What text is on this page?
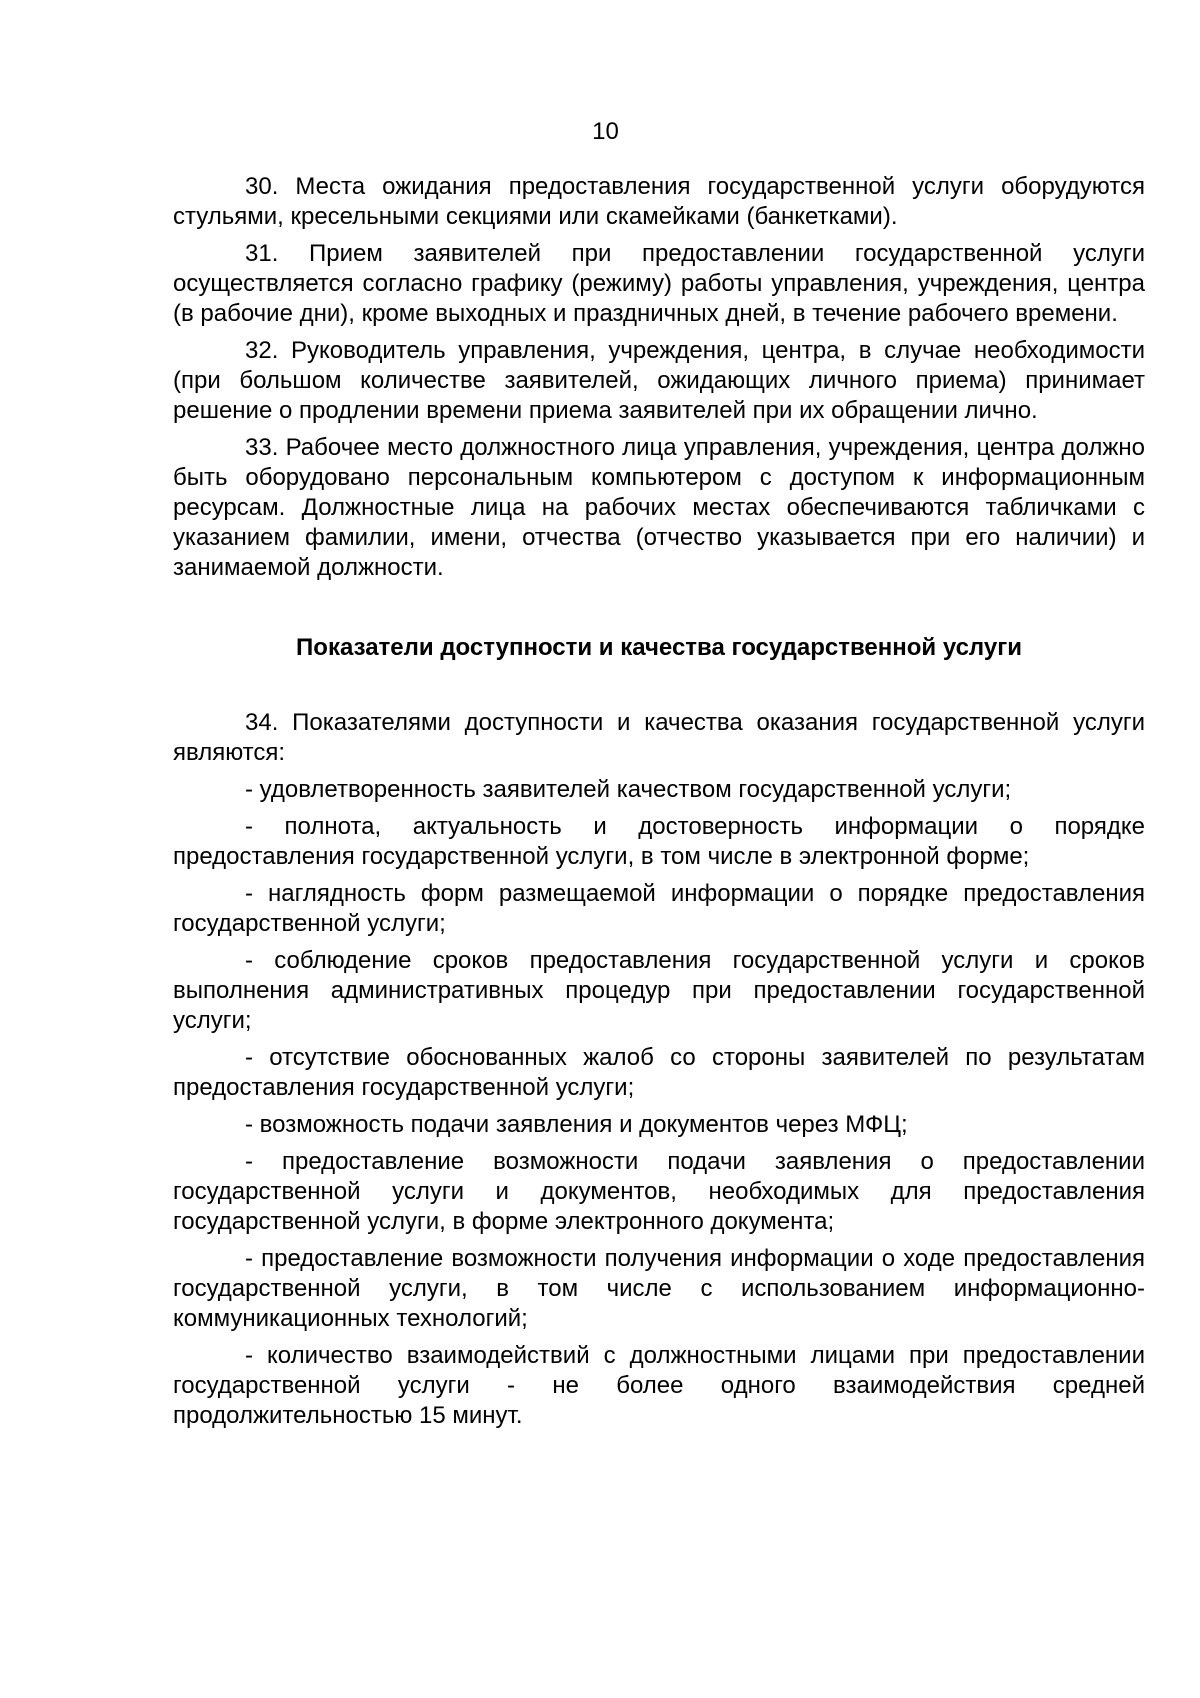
10

30. Места ожидания предоставления государственной услуги оборудуются стульями, кресельными секциями или скамейками (банкетками).

31. Прием заявителей при предоставлении государственной услуги осуществляется согласно графику (режиму) работы управления, учреждения, центра (в рабочие дни), кроме выходных и праздничных дней, в течение рабочего времени.

32. Руководитель управления, учреждения, центра, в случае необходимости (при большом количестве заявителей, ожидающих личного приема) принимает решение о продлении времени приема заявителей при их обращении лично.

33. Рабочее место должностного лица управления, учреждения, центра должно быть оборудовано персональным компьютером с доступом к информационным ресурсам. Должностные лица на рабочих местах обеспечиваются табличками с указанием фамилии, имени, отчества (отчество указывается при его наличии) и занимаемой должности.

Показатели доступности и качества государственной услуги

34. Показателями доступности и качества оказания государственной услуги являются:

- удовлетворенность заявителей качеством государственной услуги;

- полнота, актуальность и достоверность информации о порядке предоставления государственной услуги, в том числе в электронной форме;

- наглядность форм размещаемой информации о порядке предоставления государственной услуги;

- соблюдение сроков предоставления государственной услуги и сроков выполнения административных процедур при предоставлении государственной услуги;

- отсутствие обоснованных жалоб со стороны заявителей по результатам предоставления государственной услуги;

- возможность подачи заявления и документов через МФЦ;

- предоставление возможности подачи заявления о предоставлении государственной услуги и документов, необходимых для предоставления государственной услуги, в форме электронного документа;

- предоставление возможности получения информации о ходе предоставления государственной услуги, в том числе с использованием информационно-коммуникационных технологий;

- количество взаимодействий с должностными лицами при предоставлении государственной услуги - не более одного взаимодействия средней продолжительностью 15 минут.
